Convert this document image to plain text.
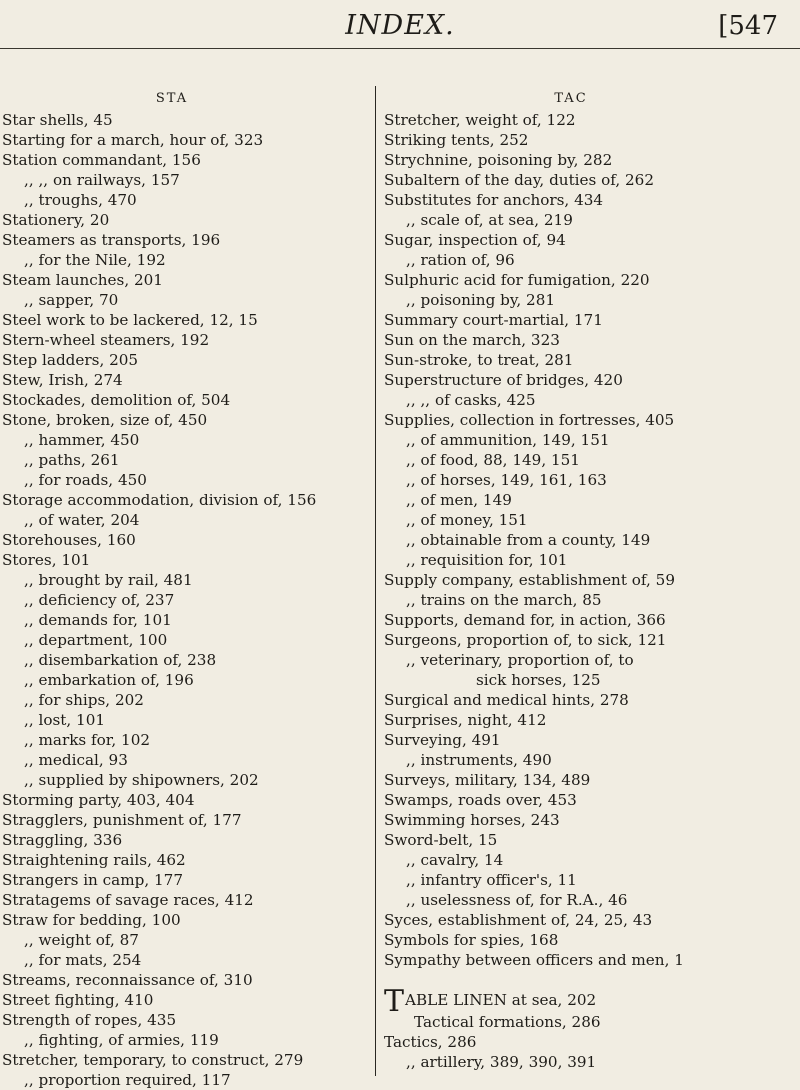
INDEX.	[547
STA
Star shells, 45
Starting for a march, hour of, 323
Station commandant, 156
,, ,, on railways, 157
,, troughs, 470
Stationery, 20
Steamers as transports, 196
,, for the Nile, 192
Steam launches, 201
,, sapper, 70
Steel work to be lackered, 12, 15
Stern-wheel steamers, 192
Step ladders, 205
Stew, Irish, 274
Stockades, demolition of, 504
Stone, broken, size of, 450
,, hammer, 450
,, paths, 261
,, for roads, 450
Storage accommodation, division of, 156
,, of water, 204
Storehouses, 160
Stores, 101
,, brought by rail, 481
,, deficiency of, 237
,, demands for, 101
,, department, 100
,, disembarkation of, 238
,, embarkation of, 196
,, for ships, 202
,, lost, 101
,, marks for, 102
,, medical, 93
,, supplied by shipowners, 202
Storming party, 403, 404
Stragglers, punishment of, 177
Straggling, 336
Straightening rails, 462
Strangers in camp, 177
Stratagems of savage races, 412
Straw for bedding, 100
,, weight of, 87
,, for mats, 254
Streams, reconnaissance of, 310
Street fighting, 410
Strength of ropes, 435
,, fighting, of armies, 119
Stretcher, temporary, to construct, 279
,, proportion required, 117
TAC
Stretcher, weight of, 122
Striking tents, 252
Strychnine, poisoning by, 282
Subaltern of the day, duties of, 262
Substitutes for anchors, 434
,, scale of, at sea, 219
Sugar, inspection of, 94
,, ration of, 96
Sulphuric acid for fumigation, 220
,, poisoning by, 281
Summary court-martial, 171
Sun on the march, 323
Sun-stroke, to treat, 281
Superstructure of bridges, 420
,, ,, of casks, 425
Supplies, collection in fortresses, 405
,, of ammunition, 149, 151
,, of food, 88, 149, 151
,, of horses, 149, 161, 163
,, of men, 149
,, of money, 151
,, obtainable from a county, 149
,, requisition for, 101
Supply company, establishment of, 59
,, trains on the march, 85
Supports, demand for, in action, 366
Surgeons, proportion of, to sick, 121
,, veterinary, proportion of, to
sick horses, 125
Surgical and medical hints, 278
Surprises, night, 412
Surveying, 491
,, instruments, 490
Surveys, military, 134, 489
Swamps, roads over, 453
Swimming horses, 243
Sword-belt, 15
,, cavalry, 14
,, infantry officer's, 11
,, uselessness of, for R.A., 46
Syces, establishment of, 24, 25, 43
Symbols for spies, 168
Sympathy between officers and men, 1
TABLE LINEN at sea, 202
Tactical formations, 286
Tactics, 286
,, artillery, 389, 390, 391
